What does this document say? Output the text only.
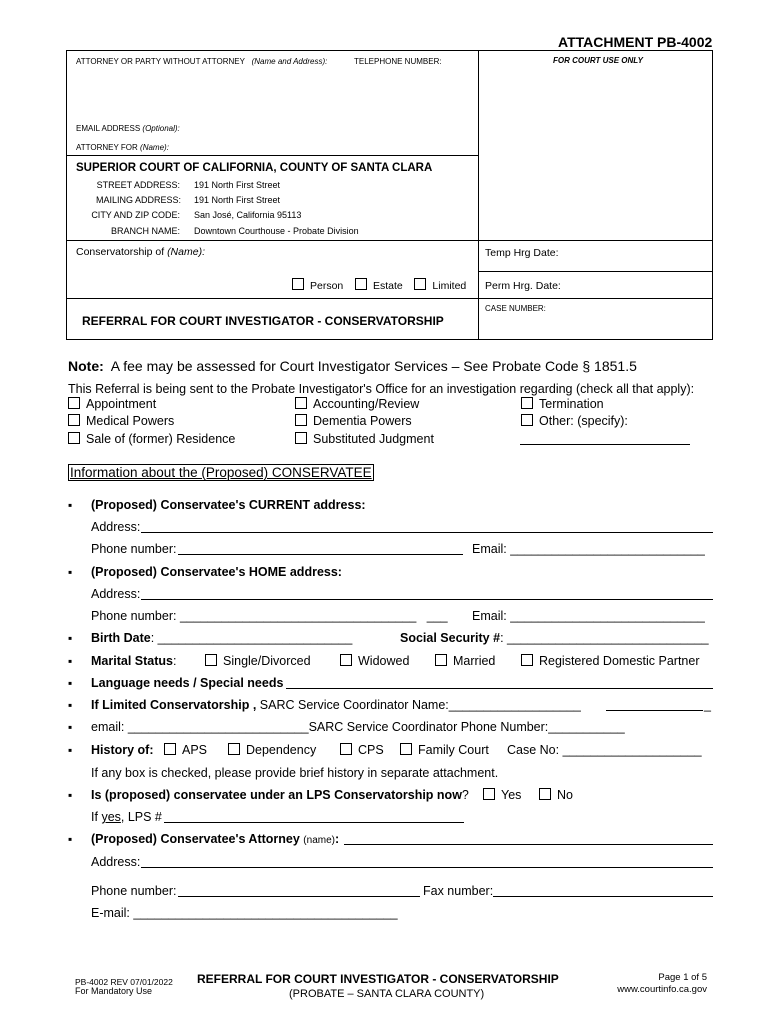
ATTACHMENT PB-4002
ATTORNEY OR PARTY WITHOUT ATTORNEY (Name and Address):	TELEPHONE NUMBER:	FOR COURT USE ONLY
EMAIL ADDRESS (Optional):
ATTORNEY FOR (Name):
SUPERIOR COURT OF CALIFORNIA, COUNTY OF SANTA CLARA
STREET ADDRESS: 191 North First Street
MAILING ADDRESS: 191 North First Street
CITY AND ZIP CODE: San José, California 95113
BRANCH NAME: Downtown Courthouse - Probate Division
Conservatorship of (Name):
Person	Estate	Limited
Temp Hrg Date:
Perm Hrg. Date:
CASE NUMBER:
REFERRAL FOR COURT INVESTIGATOR - CONSERVATORSHIP
Note: A fee may be assessed for Court Investigator Services – See Probate Code § 1851.5
This Referral is being sent to the Probate Investigator's Office for an investigation regarding (check all that apply):
Appointment
Medical Powers
Sale of (former) Residence
Accounting/Review
Dementia Powers
Substituted Judgment
Termination
Other: (specify):
Information about the (Proposed) CONSERVATEE
▪ (Proposed) Conservatee's CURRENT address:
Address:
Phone number:	Email: ____________________________
▪ (Proposed) Conservatee's HOME address:
Address:
Phone number: __________________________________ ___ Email: ____________________________
▪ Birth Date: ____________________________	Social Security #: _____________________________
▪ Marital Status:	Single/Divorced	Widowed	Married	Registered Domestic Partner
▪ Language needs / Special needs
▪ If Limited Conservatorship , SARC Service Coordinator Name:___________________	_
▪ email: __________________________SARC Service Coordinator Phone Number:___________
▪ History of:	APS	Dependency	CPS	Family Court Case No: ____________________
If any box is checked, please provide brief history in separate attachment.
▪ Is (proposed) conservatee under an LPS Conservatorship now?	Yes	No
If yes, LPS #
▪ (Proposed) Conservatee's Attorney (name):
Address:
Phone number:	Fax number:
E-mail: ______________________________________
PB-4002 REV 07/01/2022
For Mandatory Use
REFERRAL FOR COURT INVESTIGATOR - CONSERVATORSHIP
(PROBATE – SANTA CLARA COUNTY)
Page 1 of 5
www.courtinfo.ca.gov
